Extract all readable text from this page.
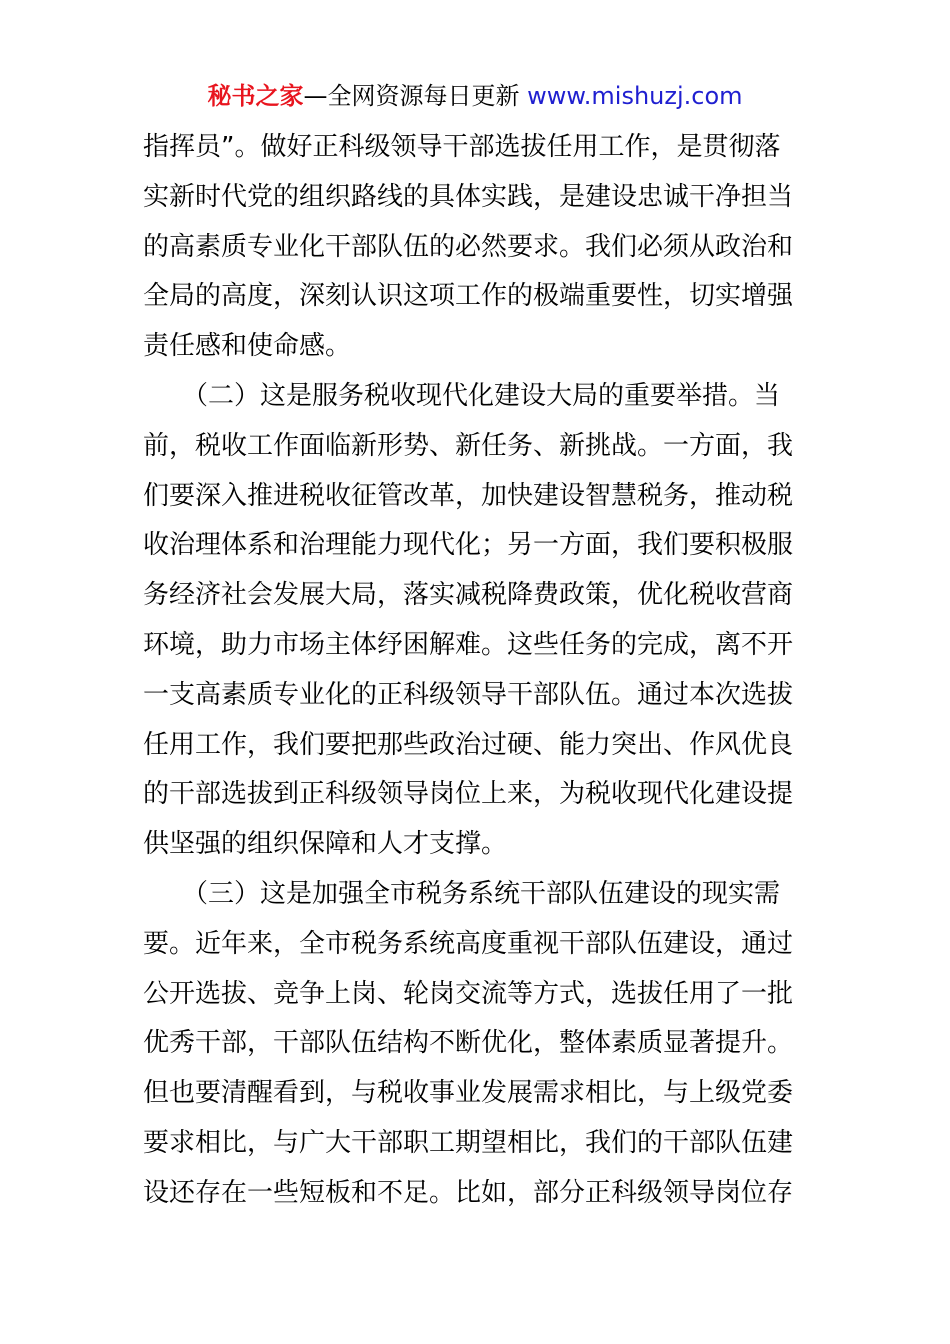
秘书之家—全网资源每日更新 www.mishuzj.com
指挥员”。做好正科级领导干部选拔任用工作，是贯彻落
实新时代党的组织路线的具体实践，是建设忠诚干净担当
的高素质专业化干部队伍的必然要求。我们必须从政治和
全局的高度，深刻认识这项工作的极端重要性，切实增强
责任感和使命感。
　　（二）这是服务税收现代化建设大局的重要举措。当
前，税收工作面临新形势、新任务、新挑战。一方面，我
们要深入推进税收征管改革，加快建设智慧税务，推动税
收治理体系和治理能力现代化；另一方面，我们要积极服
务经济社会发展大局，落实减税降费政策，优化税收营商
环境，助力市场主体纾困解难。这些任务的完成，离不开
一支高素质专业化的正科级领导干部队伍。通过本次选拔
任用工作，我们要把那些政治过硬、能力突出、作风优良
的干部选拔到正科级领导岗位上来，为税收现代化建设提
供坚强的组织保障和人才支撑。
　　（三）这是加强全市税务系统干部队伍建设的现实需
要。近年来，全市税务系统高度重视干部队伍建设，通过
公开选拔、竞争上岗、轮岗交流等方式，选拔任用了一批
优秀干部，干部队伍结构不断优化，整体素质显著提升。
但也要清醒看到，与税收事业发展需求相比，与上级党委
要求相比，与广大干部职工期望相比，我们的干部队伍建
设还存在一些短板和不足。比如，部分正科级领导岗位存
